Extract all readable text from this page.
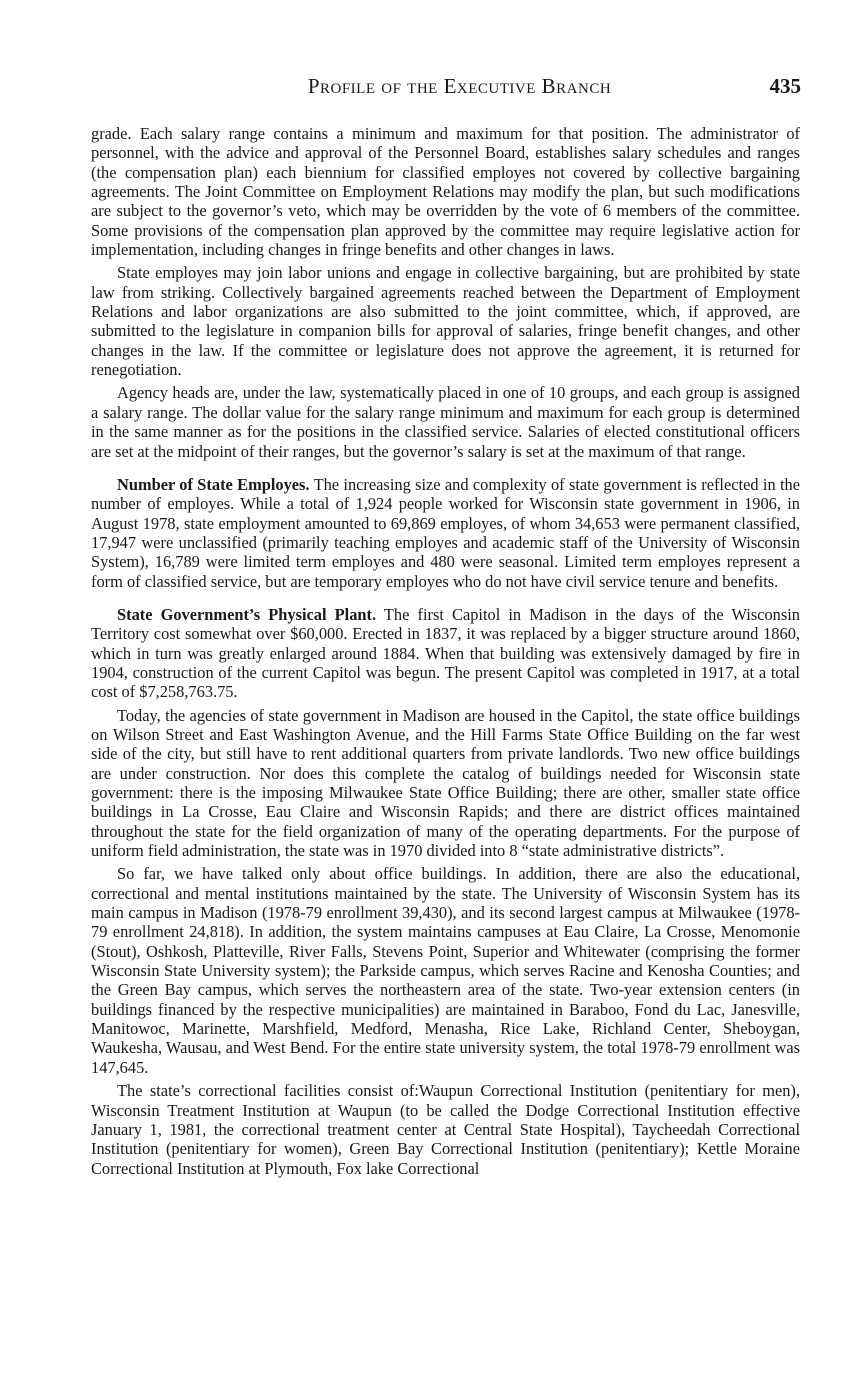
Profile of the Executive Branch	435

grade. Each salary range contains a minimum and maximum for that position. The administrator of personnel, with the advice and approval of the Personnel Board, establishes salary schedules and ranges (the compensation plan) each biennium for classified employes not covered by collective bargaining agreements. The Joint Committee on Employment Relations may modify the plan, but such modifications are subject to the governor’s veto, which may be overridden by the vote of 6 members of the committee. Some provisions of the compensation plan approved by the committee may require legislative action for implementation, including changes in fringe benefits and other changes in laws.

State employes may join labor unions and engage in collective bargaining, but are prohibited by state law from striking. Collectively bargained agreements reached between the Department of Employment Relations and labor organizations are also submitted to the joint committee, which, if approved, are submitted to the legislature in companion bills for approval of salaries, fringe benefit changes, and other changes in the law. If the committee or legislature does not approve the agreement, it is returned for renegotiation.

Agency heads are, under the law, systematically placed in one of 10 groups, and each group is assigned a salary range. The dollar value for the salary range minimum and maximum for each group is determined in the same manner as for the positions in the classified service. Salaries of elected constitutional officers are set at the midpoint of their ranges, but the governor’s salary is set at the maximum of that range.

Number of State Employes. The increasing size and complexity of state government is reflected in the number of employes. While a total of 1,924 people worked for Wisconsin state government in 1906, in August 1978, state employment amounted to 69,869 employes, of whom 34,653 were permanent classified, 17,947 were unclassified (primarily teaching employes and academic staff of the University of Wisconsin System), 16,789 were limited term employes and 480 were seasonal. Limited term employes represent a form of classified service, but are temporary employes who do not have civil service tenure and benefits.

State Government’s Physical Plant. The first Capitol in Madison in the days of the Wisconsin Territory cost somewhat over $60,000. Erected in 1837, it was replaced by a bigger structure around 1860, which in turn was greatly enlarged around 1884. When that building was extensively damaged by fire in 1904, construction of the current Capitol was begun. The present Capitol was completed in 1917, at a total cost of $7,258,763.75.

Today, the agencies of state government in Madison are housed in the Capitol, the state office buildings on Wilson Street and East Washington Avenue, and the Hill Farms State Office Building on the far west side of the city, but still have to rent additional quarters from private landlords. Two new office buildings are under construction. Nor does this complete the catalog of buildings needed for Wisconsin state government: there is the imposing Milwaukee State Office Building; there are other, smaller state office buildings in La Crosse, Eau Claire and Wisconsin Rapids; and there are district offices maintained throughout the state for the field organization of many of the operating departments. For the purpose of uniform field administration, the state was in 1970 divided into 8 “state administrative districts”.

So far, we have talked only about office buildings. In addition, there are also the educational, correctional and mental institutions maintained by the state. The University of Wisconsin System has its main campus in Madison (1978-79 enrollment 39,430), and its second largest campus at Milwaukee (1978-79 enrollment 24,818). In addition, the system maintains campuses at Eau Claire, La Crosse, Menomonie (Stout), Oshkosh, Platteville, River Falls, Stevens Point, Superior and Whitewater (comprising the former Wisconsin State University system); the Parkside campus, which serves Racine and Kenosha Counties; and the Green Bay campus, which serves the northeastern area of the state. Two-year extension centers (in buildings financed by the respective municipalities) are maintained in Baraboo, Fond du Lac, Janesville, Manitowoc, Marinette, Marshfield, Medford, Menasha, Rice Lake, Richland Center, Sheboygan, Waukesha, Wausau, and West Bend. For the entire state university system, the total 1978-79 enrollment was 147,645.

The state’s correctional facilities consist of:Waupun Correctional Institution (penitentiary for men), Wisconsin Treatment Institution at Waupun (to be called the Dodge Correctional Institution effective January 1, 1981, the correctional treatment center at Central State Hospital), Taycheedah Correctional Institution (penitentiary for women), Green Bay Correctional Institution (penitentiary); Kettle Moraine Correctional Institution at Plymouth, Fox lake Correctional
